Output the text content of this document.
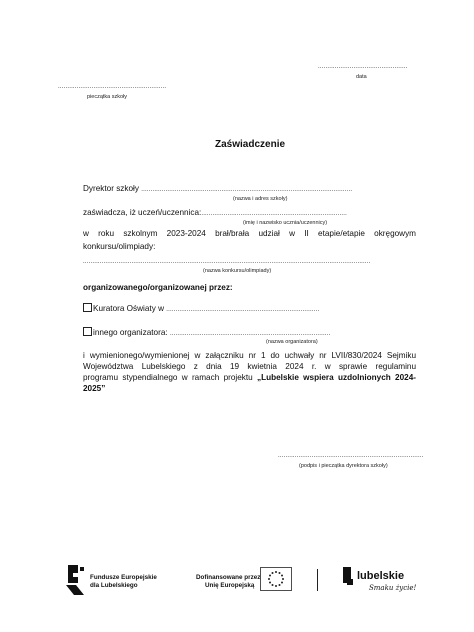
................................................
data
..........................................................
pieczątka szkoły
Zaświadczenie
Dyrektor szkoły .................................................................................................................
(nazwa i adres szkoły)
zaświadcza, iż uczeń/uczennica:..............................................................................
(imię i nazwisko ucznia/uczennicy)
w roku szkolnym 2023-2024 brał/brała udział w II etapie/etapie okręgowym
konkursu/olimpiady:
..........................................................................................................................................................
(nazwa konkursu/olimpiady)
organizowanego/organizowanej przez:
Kuratora Oświaty w ..................................................................................
innego organizatora: ......................................................................................
(nazwa organizatora)
i wymienionego/wymienionej w załączniku nr 1 do uchwały nr LVII/830/2024 Sejmiku
Województwa Lubelskiego z dnia 19 kwietnia 2024 r. w sprawie regulaminu
programu stypendialnego w ramach projektu „Lubelskie wspiera uzdolnionych 2024-
2025”
..............................................................................
(podpis i pieczątka dyrektora szkoły)
Fundusze Europejskie
dla Lubelskiego
Dofinansowane przez
Unię Europejską
lubelskie
Smaku życie!
